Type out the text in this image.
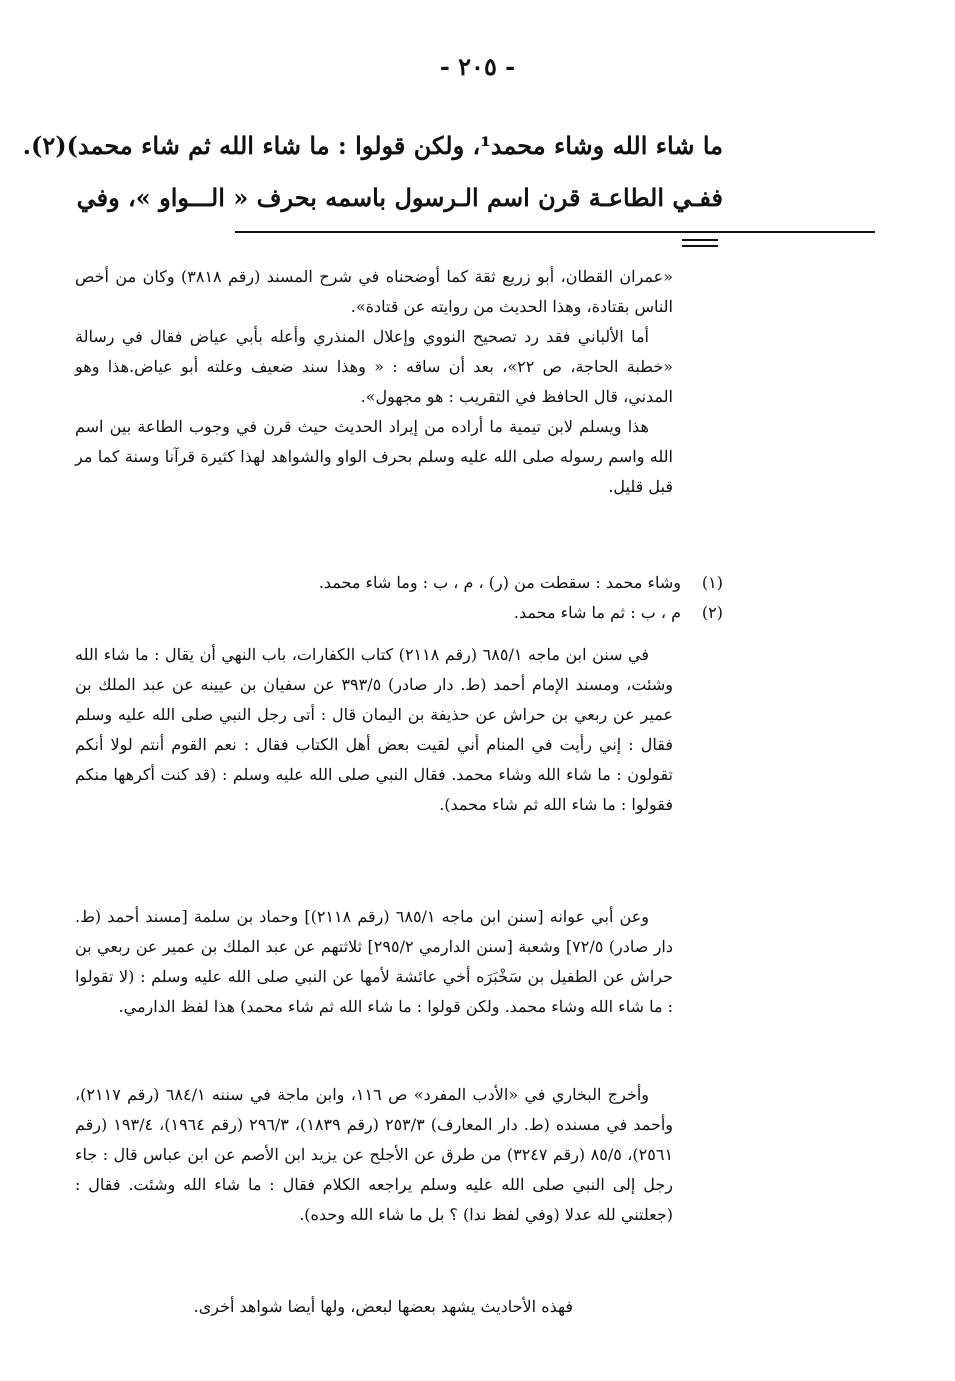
- ٢٠٥ -

ما شاء الله وشاء محمد¹، ولكن قولوا : ما شاء الله ثم شاء محمد)(٢).

ففـي الطاعـة قرن اسم الـرسول باسمه بحرف « الـــواو »، وفي

«عمران القطان، أبو زريع ثقة كما أوضحناه في شرح المسند (رقم ٣٨١٨) وكان من أخص الناس بقتادة، وهذا الحديث من روايته عن قتادة».

أما الألباني فقد رد تصحيح النووي وإعلال المنذري وأعله بأبي عياض فقال في رسالة «خطبة الحاجة، ص ٢٢»، بعد أن ساقه : « وهذا سند ضعيف وعلته أبو عياض.هذا وهو المدني، قال الحافظ في التقريب : هو مجهول».

هذا ويسلم لابن تيمية ما أراده من إيراد الحديث حيث قرن في وجوب الطاعة بين اسم الله واسم رسوله صلى الله عليه وسلم بحرف الواو والشواهد لهذا كثيرة قرآنا وسنة كما مر قبل قليل.

(١)وشاء محمد : سقطت من (ر) ، م ، ب : وما شاء محمد.

(٢)م ، ب : ثم ما شاء محمد.

في سنن ابن ماجه ٦٨٥/١ (رقم ٢١١٨) كتاب الكفارات، باب النهي أن يقال : ما شاء الله وشئت، ومسند الإمام أحمد (ط. دار صادر) ٣٩٣/٥ عن سفيان بن عيينه عن عبد الملك بن عمير عن ربعي بن حراش عن حذيفة بن اليمان قال : أتى رجل النبي صلى الله عليه وسلم فقال : إني رأيت في المنام أني لقيت بعض أهل الكتاب فقال : نعم القوم أنتم لولا أنكم تقولون : ما شاء الله وشاء محمد. فقال النبي صلى الله عليه وسلم : (قد كنت أكرهها منكم فقولوا : ما شاء الله ثم شاء محمد).

وعن أبي عوانه [سنن ابن ماجه ٦٨٥/١ (رقم ٢١١٨)] وحماد بن سلمة [مسند أحمد (ط. دار صادر) ٧٢/٥] وشعبة [سنن الدارمي ٢٩٥/٢] ثلاثتهم عن عبد الملك بن عمير عن ربعي بن حراش عن الطفيل بن سَخْبَرَه أخي عائشة لأمها عن النبي صلى الله عليه وسلم : (لا تقولوا : ما شاء الله وشاء محمد. ولكن قولوا : ما شاء الله ثم شاء محمد) هذا لفظ الدارمي.

وأخرج البخاري في «الأدب المفرد» ص ١١٦، وابن ماجة في سننه ٦٨٤/١ (رقم ٢١١٧)، وأحمد في مسنده (ط. دار المعارف) ٢٥٣/٣ (رقم ١٨٣٩)، ٢٩٦/٣ (رقم ١٩٦٤)، ١٩٣/٤ (رقم ٢٥٦١)، ٨٥/٥ (رقم ٣٢٤٧) من طرق عن الأجلح عن يزيد ابن الأصم عن ابن عباس قال : جاء رجل إلى النبي صلى الله عليه وسلم يراجعه الكلام فقال : ما شاء الله وشئت. فقال : (جعلتني لله عدلا (وفي لفظ ندا) ؟ بل ما شاء الله وحده).

فهذه الأحاديث يشهد بعضها لبعض، ولها أيضا شواهد أخرى.
